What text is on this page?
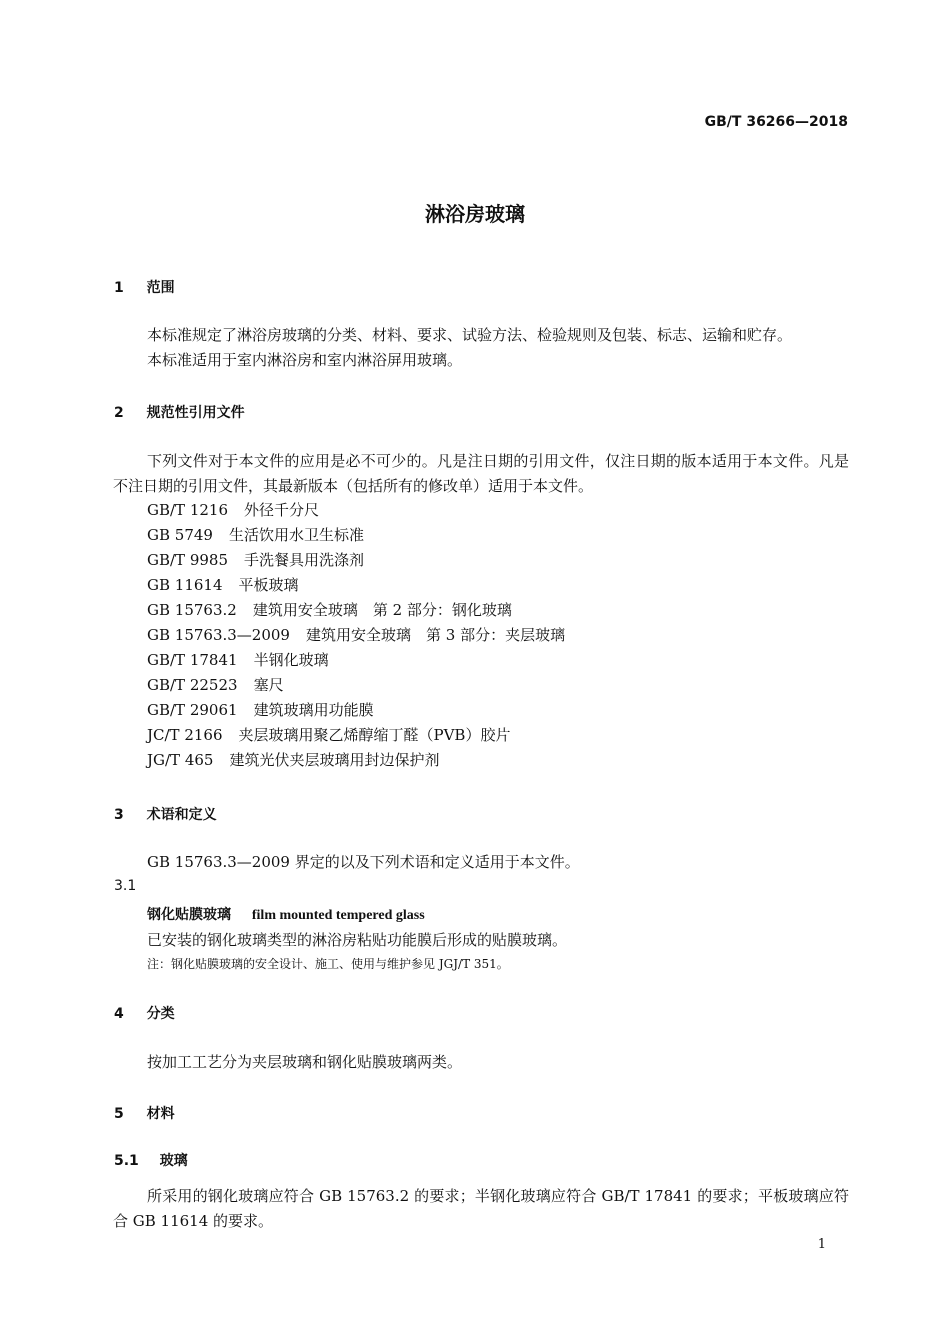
GB/T 36266—2018
淋浴房玻璃
1 范围
本标准规定了淋浴房玻璃的分类、材料、要求、试验方法、检验规则及包装、标志、运输和贮存。
本标准适用于室内淋浴房和室内淋浴屏用玻璃。
2 规范性引用文件
下列文件对于本文件的应用是必不可少的。凡是注日期的引用文件，仅注日期的版本适用于本文件。凡是不注日期的引用文件，其最新版本（包括所有的修改单）适用于本文件。
GB/T 1216 外径千分尺
GB 5749 生活饮用水卫生标准
GB/T 9985 手洗餐具用洗涤剂
GB 11614 平板玻璃
GB 15763.2 建筑用安全玻璃　第 2 部分：钢化玻璃
GB 15763.3—2009 建筑用安全玻璃　第 3 部分：夹层玻璃
GB/T 17841 半钢化玻璃
GB/T 22523 塞尺
GB/T 29061 建筑玻璃用功能膜
JC/T 2166 夹层玻璃用聚乙烯醇缩丁醛（PVB）胶片
JG/T 465 建筑光伏夹层玻璃用封边保护剂
3 术语和定义
GB 15763.3—2009 界定的以及下列术语和定义适用于本文件。
3.1
钢化贴膜玻璃 film mounted tempered glass
已安装的钢化玻璃类型的淋浴房粘贴功能膜后形成的贴膜玻璃。
注：钢化贴膜玻璃的安全设计、施工、使用与维护参见 JGJ/T 351。
4 分类
按加工工艺分为夹层玻璃和钢化贴膜玻璃两类。
5 材料
5.1 玻璃
所采用的钢化玻璃应符合 GB 15763.2 的要求；半钢化玻璃应符合 GB/T 17841 的要求；平板玻璃应符合 GB 11614 的要求。
1
